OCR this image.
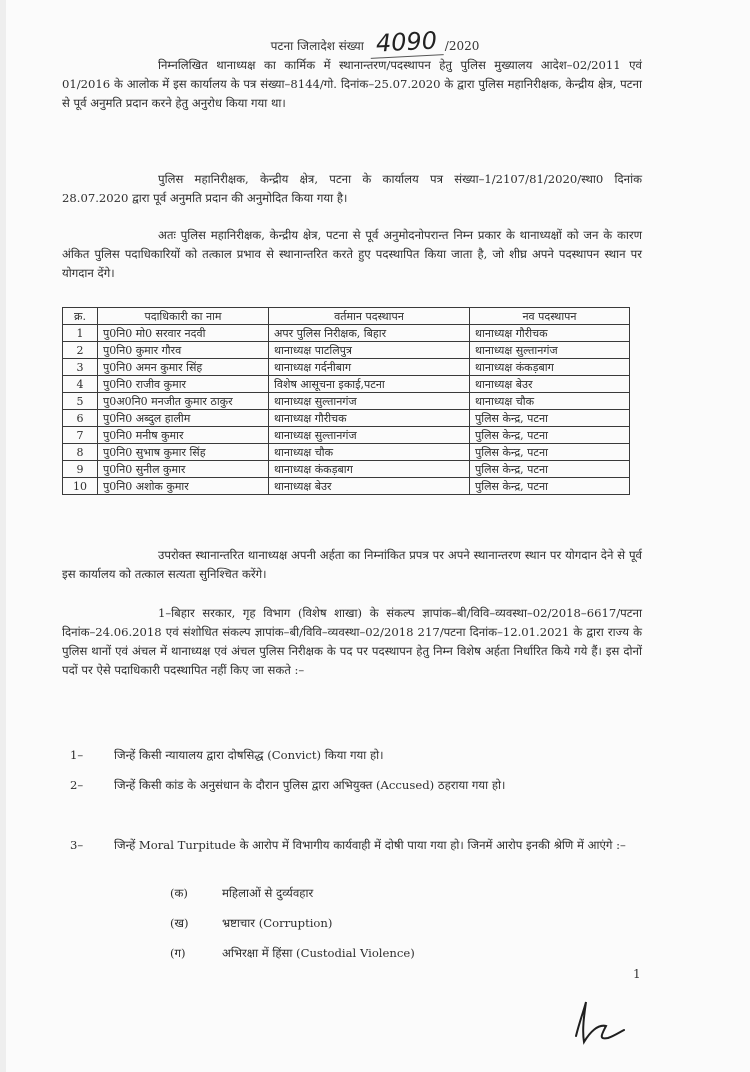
पटना जिलादेश संख्या 4090 /2020
निम्नलिखित थानाध्यक्ष का कार्मिक में स्थानान्तरण/पदस्थापन हेतु पुलिस मुख्यालय आदेश–02/2011 एवं 01/2016 के आलोक में इस कार्यालय के पत्र संख्या–8144/गो. दिनांक–25.07.2020 के द्वारा पुलिस महानिरीक्षक, केन्द्रीय क्षेत्र, पटना से पूर्व अनुमति प्रदान करने हेतु अनुरोध किया गया था।
पुलिस महानिरीक्षक, केन्द्रीय क्षेत्र, पटना के कार्यालय पत्र संख्या–1/2107/81/2020/स्था0 दिनांक 28.07.2020 द्वारा पूर्व अनुमति प्रदान की अनुमोदित किया गया है।
अतः पुलिस महानिरीक्षक, केन्द्रीय क्षेत्र, पटना से पूर्व अनुमोदनोपरान्त निम्न प्रकार के थानाध्यक्षों को जन के कारण अंकित पुलिस पदाधिकारियों को तत्काल प्रभाव से स्थानान्तरित करते हुए पदस्थापित किया जाता है, जो शीघ्र अपने पदस्थापन स्थान पर योगदान देंगे।
क्र.	पदाधिकारी का नाम	वर्तमान पदस्थापन	नव पदस्थापन
1	पु0नि0 मो0 सरवार नदवी	अपर पुलिस निरीक्षक, बिहार	थानाध्यक्ष गौरीचक
2	पु0नि0 कुमार गौरव	थानाध्यक्ष पाटलिपुत्र	थानाध्यक्ष सुल्तानगंज
3	पु0नि0 अमन कुमार सिंह	थानाध्यक्ष गर्दनीबाग	थानाध्यक्ष कंकड़बाग
4	पु0नि0 राजीव कुमार	विशेष आसूचना इकाई,पटना	थानाध्यक्ष बेउर
5	पु0अ0नि0 मनजीत कुमार ठाकुर	थानाध्यक्ष सुल्तानगंज	थानाध्यक्ष चौक
6	पु0नि0 अब्दुल हालीम	थानाध्यक्ष गौरीचक	पुलिस केन्द्र, पटना
7	पु0नि0 मनीष कुमार	थानाध्यक्ष सुल्तानगंज	पुलिस केन्द्र, पटना
8	पु0नि0 सुभाष कुमार सिंह	थानाध्यक्ष चौक	पुलिस केन्द्र, पटना
9	पु0नि0 सुनील कुमार	थानाध्यक्ष कंकड़बाग	पुलिस केन्द्र, पटना
10	पु0नि0 अशोक कुमार	थानाध्यक्ष बेउर	पुलिस केन्द्र, पटना
उपरोक्त स्थानान्तरित थानाध्यक्ष अपनी अर्हता का निम्नांकित प्रपत्र पर अपने स्थानान्तरण स्थान पर योगदान देने से पूर्व इस कार्यालय को तत्काल सत्यता सुनिश्चित करेंगे।
1–बिहार सरकार, गृह विभाग (विशेष शाखा) के संकल्प ज्ञापांक–बी/विवि–व्यवस्था–02/2018–6617/पटना दिनांक–24.06.2018 एवं संशोधित संकल्प ज्ञापांक–बी/विवि–व्यवस्था–02/2018 217/पटना दिनांक–12.01.2021 के द्वारा राज्य के पुलिस थानों एवं अंचल में थानाध्यक्ष एवं अंचल पुलिस निरीक्षक के पद पर पदस्थापन हेतु निम्न विशेष अर्हता निर्धारित किये गये हैं। इस दोनों पदों पर ऐसे पदाधिकारी पदस्थापित नहीं किए जा सकते :–
1–	जिन्हें किसी न्यायालय द्वारा दोषसिद्ध (Convict) किया गया हो।
2–	जिन्हें किसी कांड के अनुसंधान के दौरान पुलिस द्वारा अभियुक्त (Accused) ठहराया गया हो।
3–	जिन्हें Moral Turpitude के आरोप में विभागीय कार्यवाही में दोषी पाया गया हो। जिनमें आरोप इनकी श्रेणि में आएंगे :–
(क)	महिलाओं से दुर्व्यवहार
(ख)	भ्रष्टाचार (Corruption)
(ग)	अभिरक्षा में हिंसा (Custodial Violence)
1
